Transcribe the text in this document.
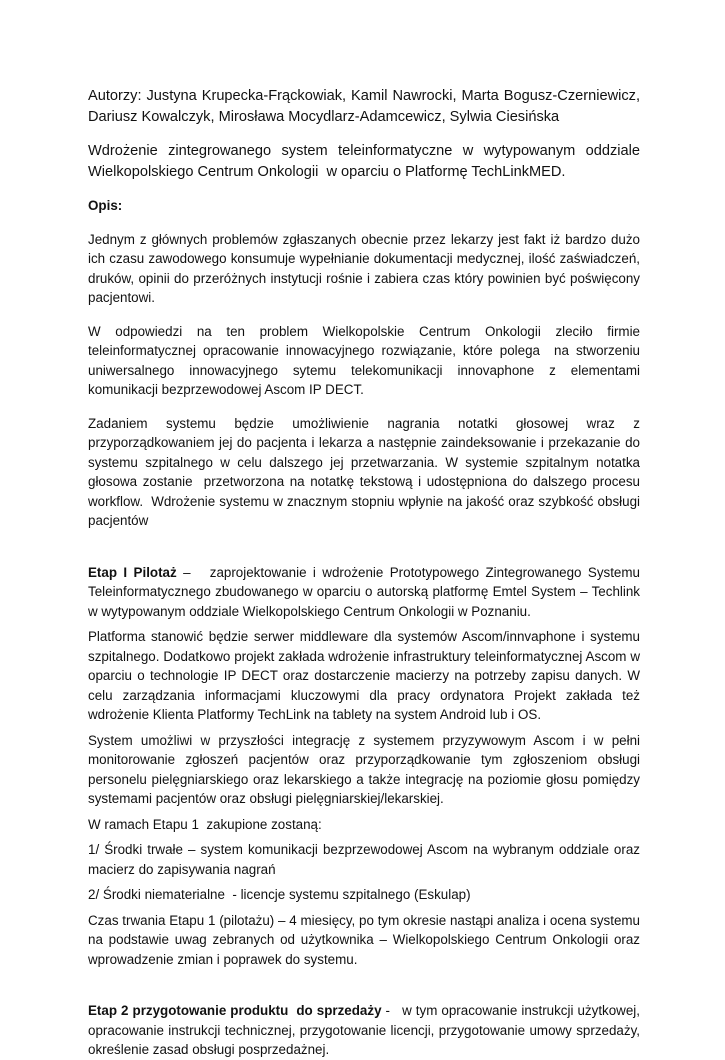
Autorzy: Justyna Krupecka-Frąckowiak, Kamil Nawrocki, Marta Bogusz-Czerniewicz, Dariusz Kowalczyk, Mirosława Mocydlarz-Adamcewicz, Sylwia Ciesińska

Wdrożenie zintegrowanego system teleinformatyczne w wytypowanym oddziale Wielkopolskiego Centrum Onkologii  w oparciu o Platformę TechLinkMED.

Opis:

Jednym z głównych problemów zgłaszanych obecnie przez lekarzy jest fakt iż bardzo dużo ich czasu zawodowego konsumuje wypełnianie dokumentacji medycznej, ilość zaświadczeń, druków, opinii do przeróżnych instytucji rośnie i zabiera czas który powinien być poświęcony pacjentowi.

W odpowiedzi na ten problem Wielkopolskie Centrum Onkologii zleciło firmie teleinformatycznej opracowanie innowacyjnego rozwiązanie, które polega  na stworzeniu uniwersalnego innowacyjnego sytemu telekomunikacji innovaphone z elementami komunikacji bezprzewodowej Ascom IP DECT.

Zadaniem systemu będzie umożliwienie nagrania notatki głosowej wraz z przyporządkowaniem jej do pacjenta i lekarza a następnie zaindeksowanie i przekazanie do systemu szpitalnego w celu dalszego jej przetwarzania. W systemie szpitalnym notatka głosowa zostanie  przetworzona na notatkę tekstową i udostępniona do dalszego procesu workflow.  Wdrożenie systemu w znacznym stopniu wpłynie na jakość oraz szybkość obsługi pacjentów

Etap I Pilotaż –   zaprojektowanie i wdrożenie Prototypowego Zintegrowanego Systemu Teleinformatycznego zbudowanego w oparciu o autorską platformę Emtel System – Techlink w wytypowanym oddziale Wielkopolskiego Centrum Onkologii w Poznaniu.

Platforma stanowić będzie serwer middleware dla systemów Ascom/innvaphone i systemu szpitalnego. Dodatkowo projekt zakłada wdrożenie infrastruktury teleinformatycznej Ascom w oparciu o technologie IP DECT oraz dostarczenie macierzy na potrzeby zapisu danych. W celu zarządzania informacjami kluczowymi dla pracy ordynatora Projekt zakłada też wdrożenie Klienta Platformy TechLink na tablety na system Android lub i OS.

System umożliwi w przyszłości integrację z systemem przyzywowym Ascom i w pełni monitorowanie zgłoszeń pacjentów oraz przyporządkowanie tym zgłoszeniom obsługi personelu pielęgniarskiego oraz lekarskiego a także integrację na poziomie głosu pomiędzy systemami pacjentów oraz obsługi pielęgniarskiej/lekarskiej.

W ramach Etapu 1  zakupione zostaną:

1/ Środki trwałe – system komunikacji bezprzewodowej Ascom na wybranym oddziale oraz macierz do zapisywania nagrań

2/ Środki niematerialne  - licencje systemu szpitalnego (Eskulap)

Czas trwania Etapu 1 (pilotażu) – 4 miesięcy, po tym okresie nastąpi analiza i ocena systemu na podstawie uwag zebranych od użytkownika – Wielkopolskiego Centrum Onkologii oraz wprowadzenie zmian i poprawek do systemu.

Etap 2 przygotowanie produktu  do sprzedaży -   w tym opracowanie instrukcji użytkowej, opracowanie instrukcji technicznej, przygotowanie licencji, przygotowanie umowy sprzedaży, określenie zasad obsługi posprzedażnej.
